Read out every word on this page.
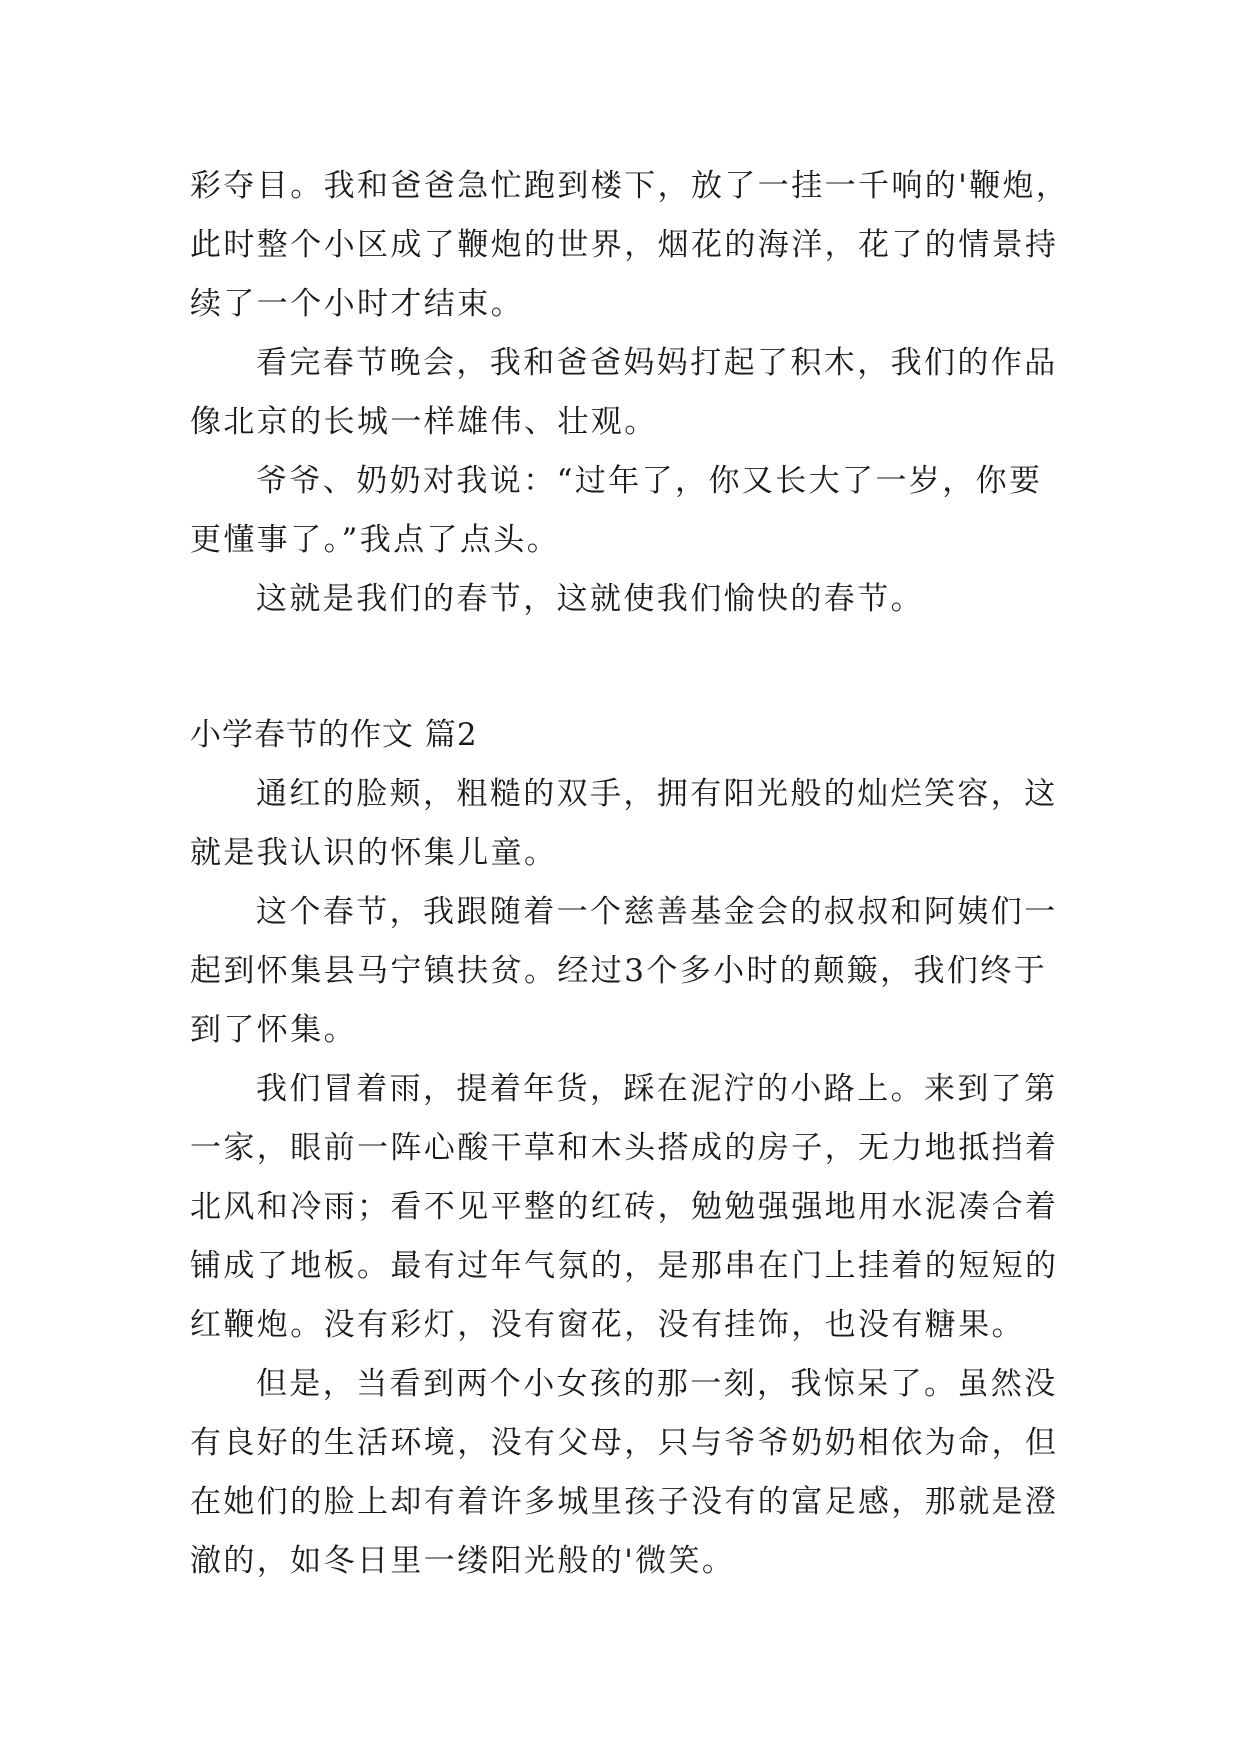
彩夺目。我和爸爸急忙跑到楼下，放了一挂一千响的'鞭炮，
此时整个小区成了鞭炮的世界，烟花的海洋，花了的情景持
续了一个小时才结束。
看完春节晚会，我和爸爸妈妈打起了积木，我们的作品
像北京的长城一样雄伟、壮观。
爷爷、奶奶对我说：“过年了，你又长大了一岁，你要
更懂事了。”我点了点头。
这就是我们的春节，这就使我们愉快的春节。
小学春节的作文 篇2
通红的脸颊，粗糙的双手，拥有阳光般的灿烂笑容，这
就是我认识的怀集儿童。
这个春节，我跟随着一个慈善基金会的叔叔和阿姨们一
起到怀集县马宁镇扶贫。经过3个多小时的颠簸，我们终于
到了怀集。
我们冒着雨，提着年货，踩在泥泞的小路上。来到了第
一家，眼前一阵心酸干草和木头搭成的房子，无力地抵挡着
北风和冷雨；看不见平整的红砖，勉勉强强地用水泥凑合着
铺成了地板。最有过年气氛的，是那串在门上挂着的短短的
红鞭炮。没有彩灯，没有窗花，没有挂饰，也没有糖果。
但是，当看到两个小女孩的那一刻，我惊呆了。虽然没
有良好的生活环境，没有父母，只与爷爷奶奶相依为命，但
在她们的脸上却有着许多城里孩子没有的富足感，那就是澄
澈的，如冬日里一缕阳光般的'微笑。
